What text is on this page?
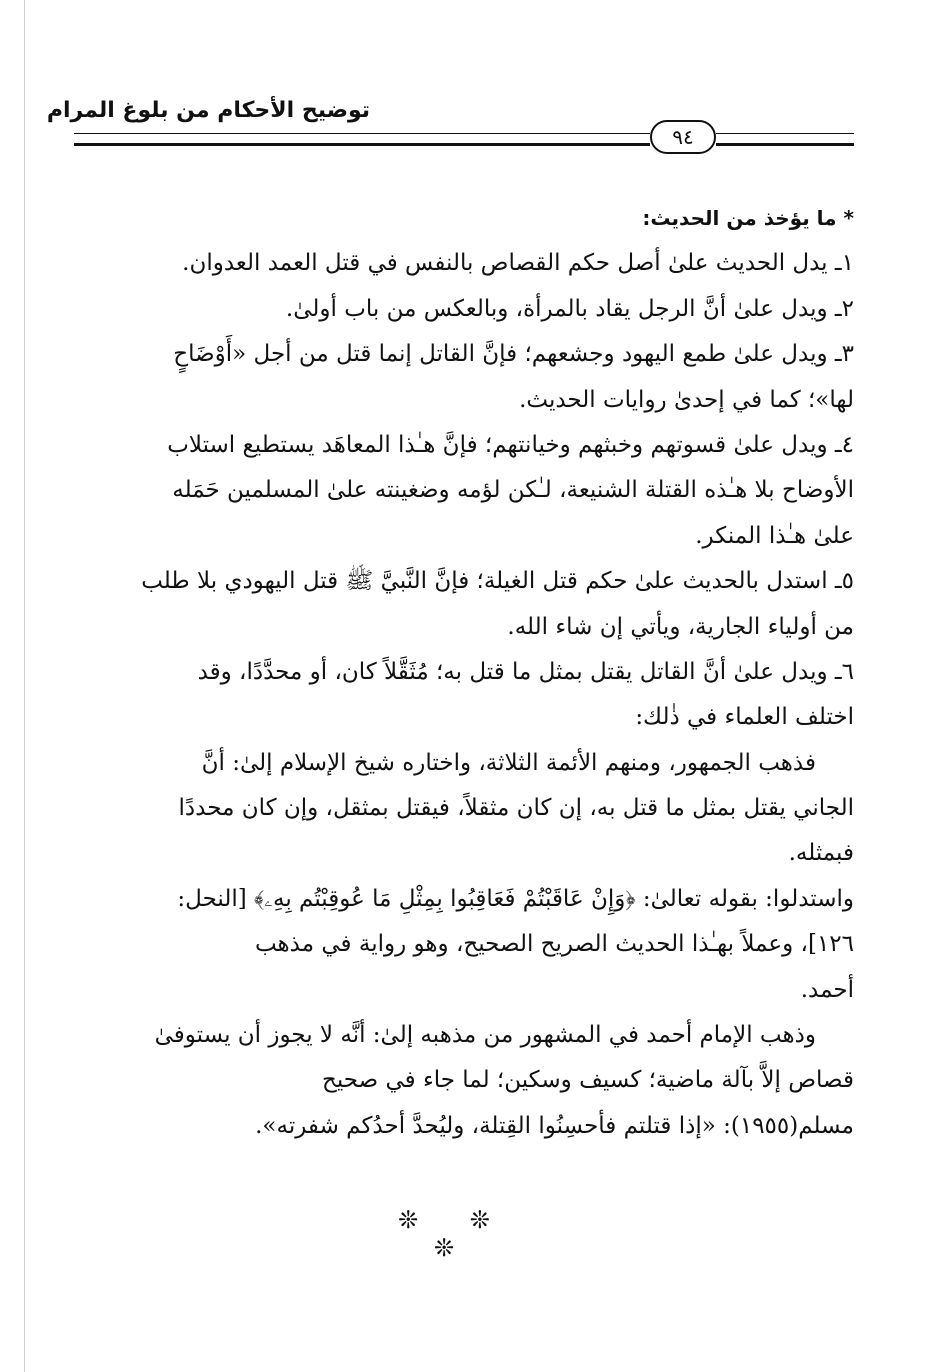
توضيح الأحكام من بلوغ المرام
٩٤
* ما يؤخذ من الحديث:
١ـ يدل الحديث علىٰ أصل حكم القصاص بالنفس في قتل العمد العدوان.
٢ـ ويدل علىٰ أنَّ الرجل يقاد بالمرأة، وبالعكس من باب أولىٰ.
٣ـ ويدل علىٰ طمع اليهود وجشعهم؛ فإنَّ القاتل إنما قتل من أجل «أَوْضَاحٍ
لها»؛ كما في إحدىٰ روايات الحديث.
٤ـ ويدل علىٰ قسوتهم وخبثهم وخيانتهم؛ فإنَّ هـٰذا المعاهَد يستطيع استلاب
الأوضاح بلا هـٰذه القتلة الشنيعة، لـٰكن لؤمه وضغينته علىٰ المسلمين حَمَله
علىٰ هـٰذا المنكر.
٥ـ استدل بالحديث علىٰ حكم قتل الغيلة؛ فإنَّ النَّبيَّ ﷺ قتل اليهودي بلا طلب
من أولياء الجارية، ويأتي إن شاء الله.
٦ـ ويدل علىٰ أنَّ القاتل يقتل بمثل ما قتل به؛ مُثَقَّلاً كان، أو محدَّدًا، وقد
اختلف العلماء في ذٰلك:
فذهب الجمهور، ومنهم الأئمة الثلاثة، واختاره شيخ الإسلام إلىٰ: أنَّ
الجاني يقتل بمثل ما قتل به، إن كان مثقلاً، فيقتل بمثقل، وإن كان محددًا
فبمثله.
واستدلوا: بقوله تعالىٰ: ﴿وَإِنْ عَاقَبْتُمْ فَعَاقِبُوا بِمِثْلِ مَا عُوقِبْتُم بِهِۦ﴾ [النحل:
١٢٦]، وعملاً بهـٰذا الحديث الصريح الصحيح، وهو رواية في مذهب
أحمد.
وذهب الإمام أحمد في المشهور من مذهبه إلىٰ: أنَّه لا يجوز أن يستوفىٰ
قصاص إلاَّ بآلة ماضية؛ كسيف وسكين؛ لما جاء في صحيح
مسلم(١٩٥٥): «إذا قتلتم فأحسِنُوا القِتلة، وليُحدَّ أحدُكم شفرته».
❊ ❊ ❊
